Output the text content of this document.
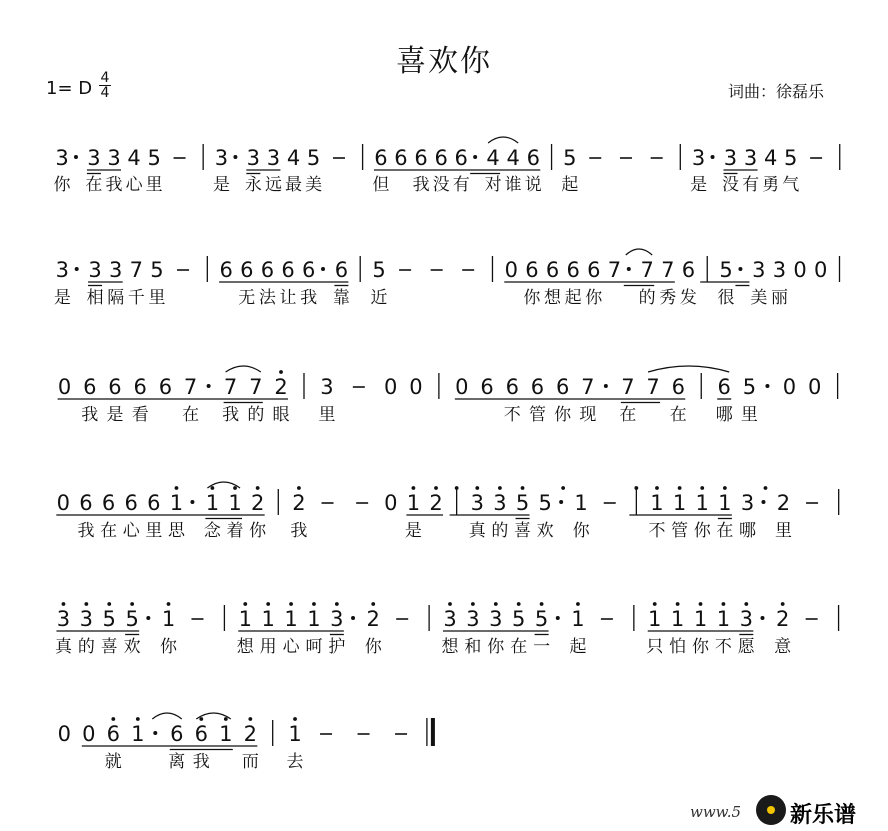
喜欢你
1= D 4
4	词曲：徐磊乐
3 3 3 4 5	3 3 3 4 5	6 6 6 6 6 4 4 6 5	3 3 3 4 5
你 在 我 心 里	是 永 远 最 美	但 我 没 有 对 谁 说 起	是 没 有 勇 气
3 3 3 7 5	6 6 6 6 6 6 5	0 6 6 6 6 7 7 7 6 5 3 3 0 0
是 相 隔 千 里	无 法 让 我 靠 近	你 想 起 你 的 秀 发 很 美 丽
0 6 6 6 6 7 7 7 2 3 0 0 0 6 6 6 6 7 7 7 6 6 5 0 0
我 是 看 在 我 的 眼 里	不 管 你 现 在 在 哪 里
0 6 6 6 6 1 1 1 2 2	0 1 2 3 3 5 5 1	1 1 1 1 3 2
我 在 心 里 思 念 着 你 我	是	真 的 喜 欢 你	不 管 你 在 哪 里
3 3 5 5 1	1 1 1 1 3 2	3 3 3 5 5 1	1 1 1 1 3 2
真 的 喜 欢 你	想 用 心 呵 护 你	想 和 你 在 一 起	只 怕 你 不 愿 意
0 0 6 1 6 6 1 2 1
就	离 我 而 去
www.5 新乐谱
